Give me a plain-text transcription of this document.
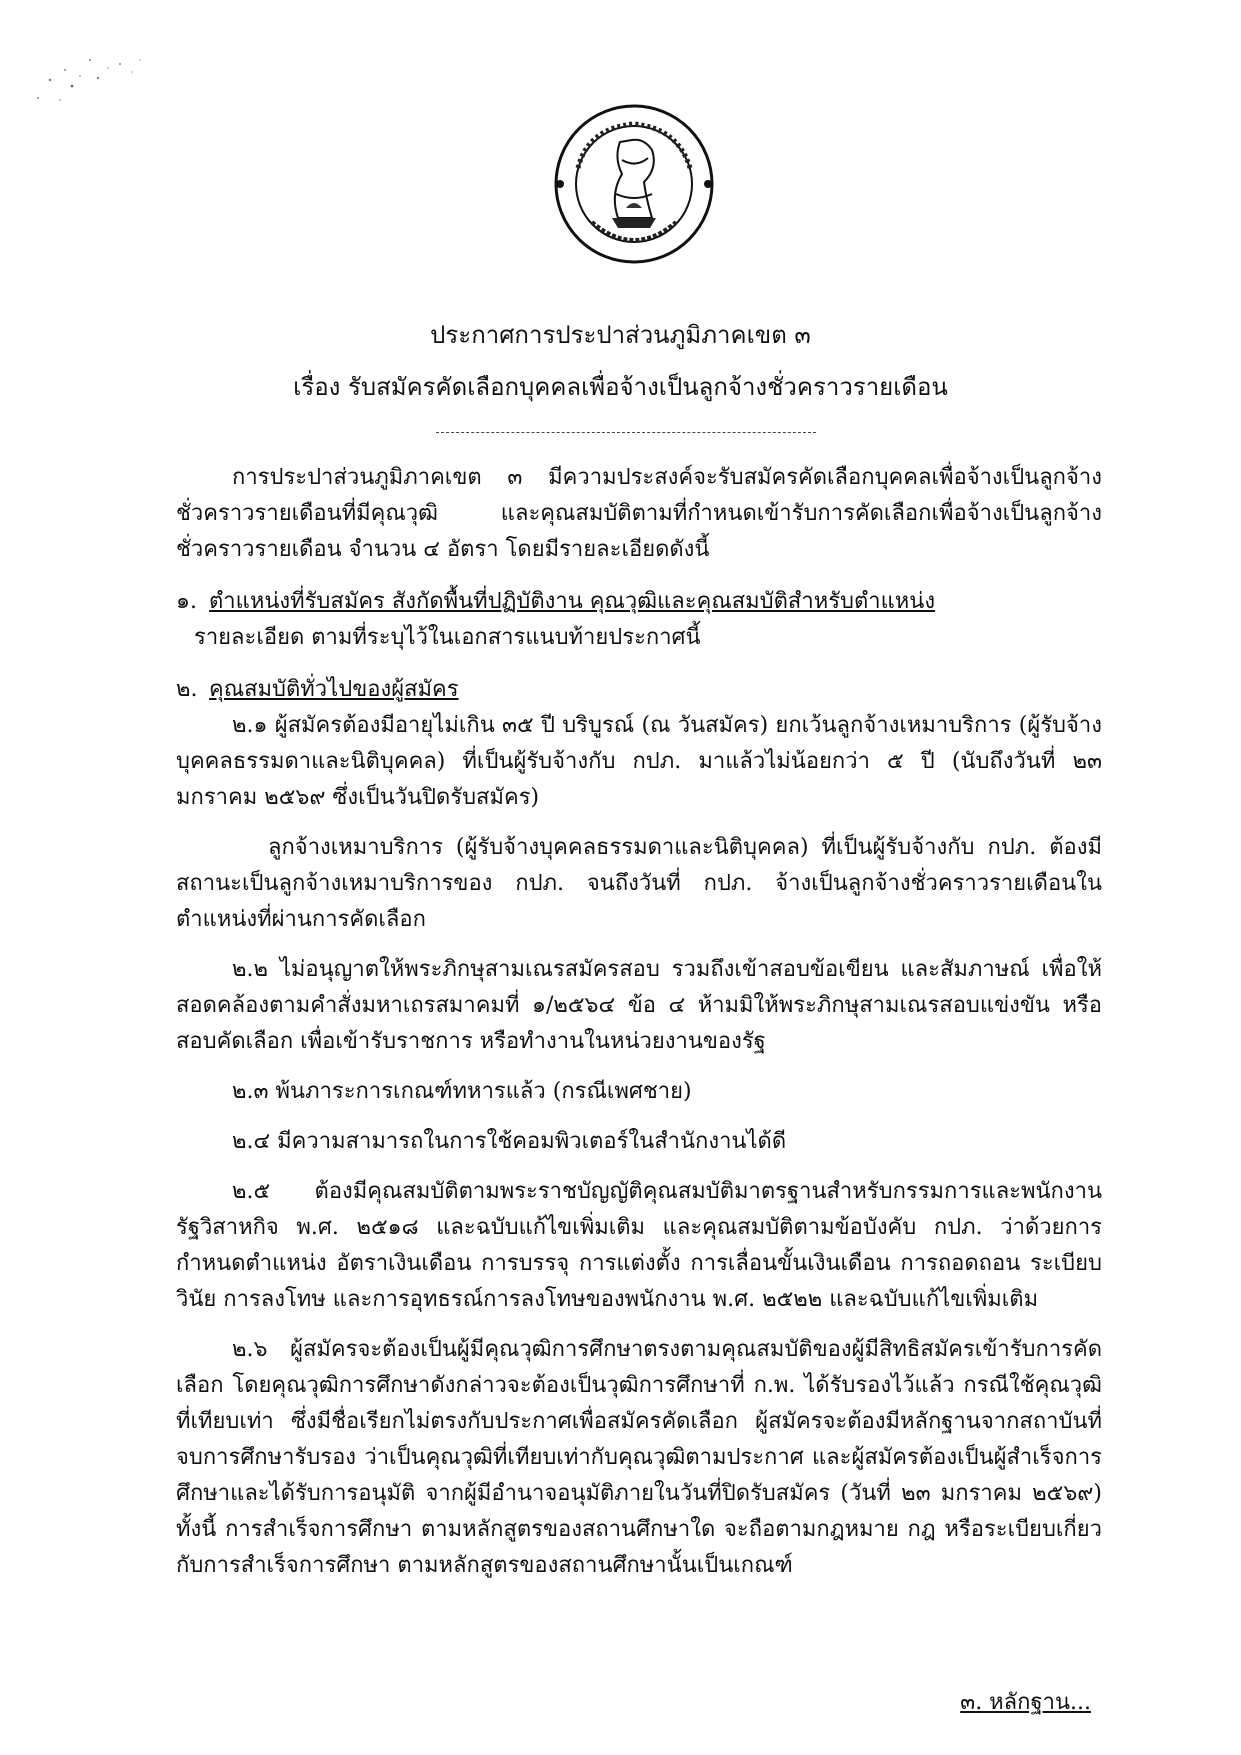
ประกาศการประปาส่วนภูมิภาคเขต ๓
เรื่อง รับสมัครคัดเลือกบุคคลเพื่อจ้างเป็นลูกจ้างชั่วคราวรายเดือน

การประปาส่วนภูมิภาคเขต ๓ มีความประสงค์จะรับสมัครคัดเลือกบุคคลเพื่อจ้างเป็นลูกจ้างชั่วคราวรายเดือนที่มีคุณวุฒิ และคุณสมบัติตามที่กำหนดเข้ารับการคัดเลือกเพื่อจ้างเป็นลูกจ้างชั่วคราวรายเดือน จำนวน ๔ อัตรา โดยมีรายละเอียดดังนี้

๑. ตำแหน่งที่รับสมัคร สังกัดพื้นที่ปฏิบัติงาน คุณวุฒิและคุณสมบัติสำหรับตำแหน่ง

รายละเอียด ตามที่ระบุไว้ในเอกสารแนบท้ายประกาศนี้

๒. คุณสมบัติทั่วไปของผู้สมัคร

๒.๑ ผู้สมัครต้องมีอายุไม่เกิน ๓๕ ปี บริบูรณ์ (ณ วันสมัคร) ยกเว้นลูกจ้างเหมาบริการ (ผู้รับจ้างบุคคลธรรมดาและนิติบุคคล) ที่เป็นผู้รับจ้างกับ กปภ. มาแล้วไม่น้อยกว่า ๕ ปี (นับถึงวันที่ ๒๓ มกราคม ๒๕๖๙ ซึ่งเป็นวันปิดรับสมัคร)

ลูกจ้างเหมาบริการ (ผู้รับจ้างบุคคลธรรมดาและนิติบุคคล) ที่เป็นผู้รับจ้างกับ กปภ. ต้องมีสถานะเป็นลูกจ้างเหมาบริการของ กปภ. จนถึงวันที่ กปภ. จ้างเป็นลูกจ้างชั่วคราวรายเดือนในตำแหน่งที่ผ่านการคัดเลือก

๒.๒ ไม่อนุญาตให้พระภิกษุสามเณรสมัครสอบ รวมถึงเข้าสอบข้อเขียน และสัมภาษณ์ เพื่อให้สอดคล้องตามคำสั่งมหาเถรสมาคมที่ ๑/๒๕๖๔ ข้อ ๔ ห้ามมิให้พระภิกษุสามเณรสอบแข่งขัน หรือสอบคัดเลือก เพื่อเข้ารับราชการ หรือทำงานในหน่วยงานของรัฐ

๒.๓ พ้นภาระการเกณฑ์ทหารแล้ว (กรณีเพศชาย)

๒.๔ มีความสามารถในการใช้คอมพิวเตอร์ในสำนักงานได้ดี

๒.๕ ต้องมีคุณสมบัติตามพระราชบัญญัติคุณสมบัติมาตรฐานสำหรับกรรมการและพนักงานรัฐวิสาหกิจ พ.ศ. ๒๕๑๘ และฉบับแก้ไขเพิ่มเติม และคุณสมบัติตามข้อบังคับ กปภ. ว่าด้วยการกำหนดตำแหน่ง อัตราเงินเดือน การบรรจุ การแต่งตั้ง การเลื่อนขั้นเงินเดือน การถอดถอน ระเบียบวินัย การลงโทษ และการอุทธรณ์การลงโทษของพนักงาน พ.ศ. ๒๕๒๒ และฉบับแก้ไขเพิ่มเติม

๒.๖ ผู้สมัครจะต้องเป็นผู้มีคุณวุฒิการศึกษาตรงตามคุณสมบัติของผู้มีสิทธิสมัครเข้ารับการคัดเลือก โดยคุณวุฒิการศึกษาดังกล่าวจะต้องเป็นวุฒิการศึกษาที่ ก.พ. ได้รับรองไว้แล้ว กรณีใช้คุณวุฒิที่เทียบเท่า ซึ่งมีชื่อเรียกไม่ตรงกับประกาศเพื่อสมัครคัดเลือก ผู้สมัครจะต้องมีหลักฐานจากสถาบันที่จบการศึกษารับรอง ว่าเป็นคุณวุฒิที่เทียบเท่ากับคุณวุฒิตามประกาศ และผู้สมัครต้องเป็นผู้สำเร็จการศึกษาและได้รับการอนุมัติ จากผู้มีอำนาจอนุมัติภายในวันที่ปิดรับสมัคร (วันที่ ๒๓ มกราคม ๒๕๖๙) ทั้งนี้ การสำเร็จการศึกษา ตามหลักสูตรของสถานศึกษาใด จะถือตามกฎหมาย กฎ หรือระเบียบเกี่ยวกับการสำเร็จการศึกษา ตามหลักสูตรของสถานศึกษานั้นเป็นเกณฑ์

๓. หลักฐาน...
